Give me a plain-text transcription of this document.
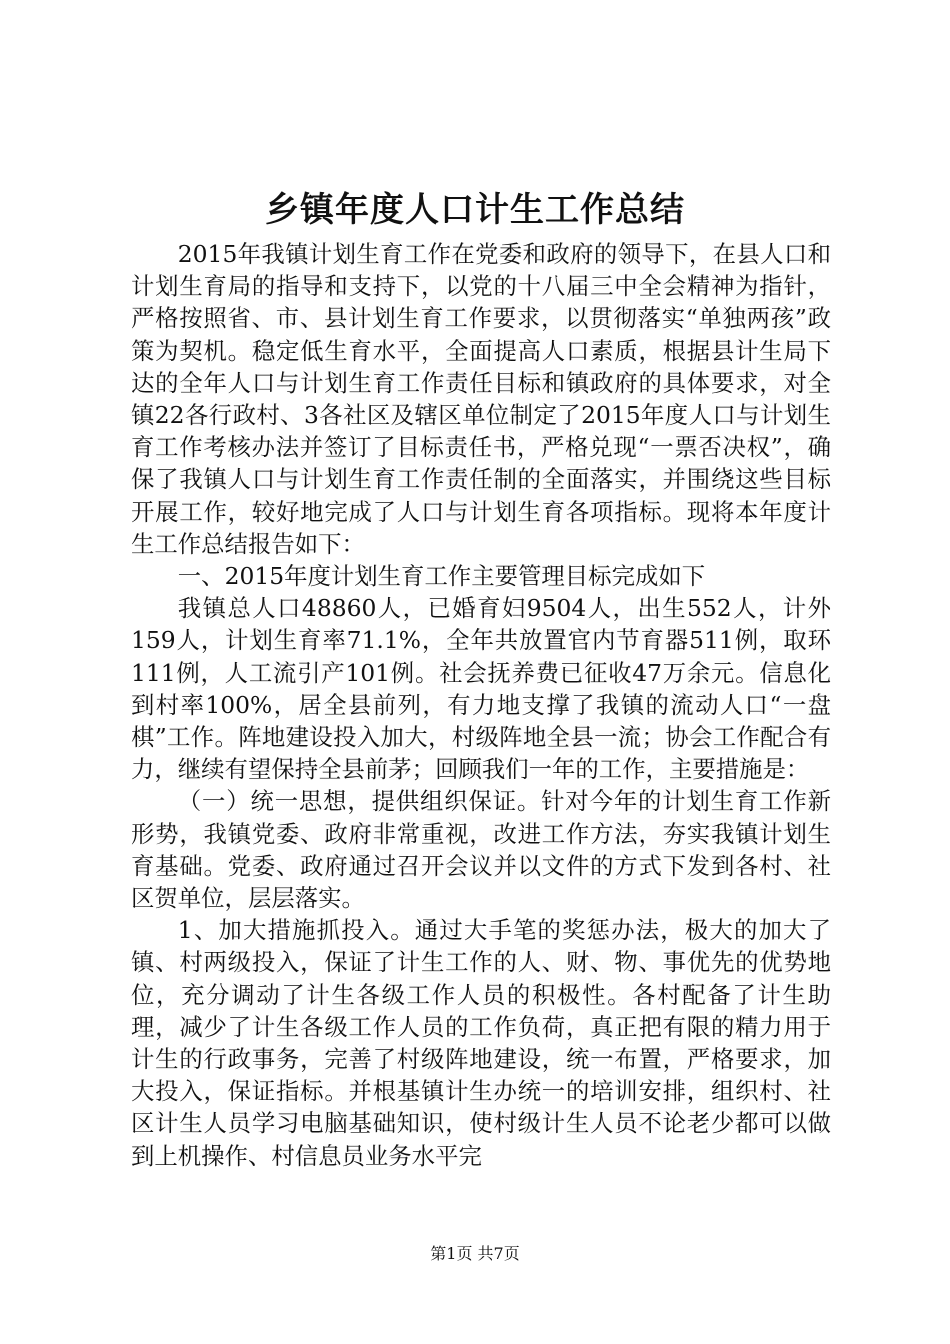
乡镇年度人口计生工作总结

2015年我镇计划生育工作在党委和政府的领导下，在县人口和计划生育局的指导和支持下，以党的十八届三中全会精神为指针，严格按照省、市、县计划生育工作要求，以贯彻落实“单独两孩”政策为契机。稳定低生育水平，全面提高人口素质，根据县计生局下达的全年人口与计划生育工作责任目标和镇政府的具体要求，对全镇22各行政村、3各社区及辖区单位制定了2015年度人口与计划生育工作考核办法并签订了目标责任书，严格兑现“一票否决权”，确保了我镇人口与计划生育工作责任制的全面落实，并围绕这些目标开展工作，较好地完成了人口与计划生育各项指标。现将本年度计生工作总结报告如下：

一、2015年度计划生育工作主要管理目标完成如下

我镇总人口48860人，已婚育妇9504人，出生552人，计外159人，计划生育率71.1%，全年共放置官内节育器511例，取环111例，人工流引产101例。社会抚养费已征收47万余元。信息化到村率100%，居全县前列，有力地支撑了我镇的流动人口“一盘棋”工作。阵地建设投入加大，村级阵地全县一流；协会工作配合有力，继续有望保持全县前茅；回顾我们一年的工作，主要措施是：

（一）统一思想，提供组织保证。针对今年的计划生育工作新形势，我镇党委、政府非常重视，改进工作方法，夯实我镇计划生育基础。党委、政府通过召开会议并以文件的方式下发到各村、社区贺单位，层层落实。

1、加大措施抓投入。通过大手笔的奖惩办法，极大的加大了镇、村两级投入，保证了计生工作的人、财、物、事优先的优势地位，充分调动了计生各级工作人员的积极性。各村配备了计生助理，减少了计生各级工作人员的工作负荷，真正把有限的精力用于计生的行政事务，完善了村级阵地建设，统一布置，严格要求，加大投入，保证指标。并根基镇计生办统一的培训安排，组织村、社区计生人员学习电脑基础知识，使村级计生人员不论老少都可以做到上机操作、村信息员业务水平完

第1页 共7页
